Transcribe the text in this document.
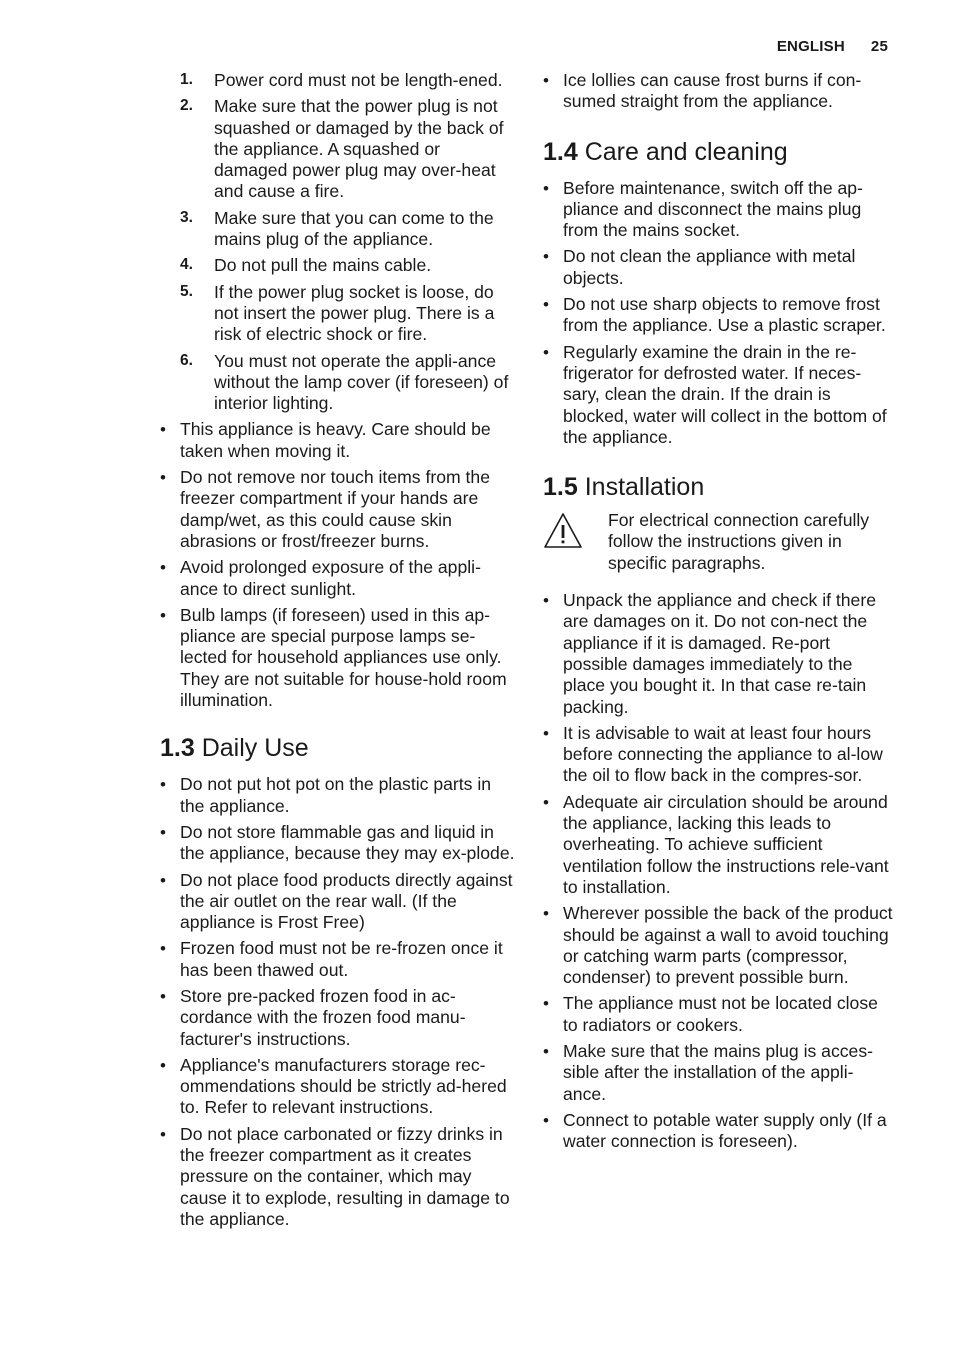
ENGLISH 25
1. Power cord must not be length-ened.
2. Make sure that the power plug is not squashed or damaged by the back of the appliance. A squashed or damaged power plug may over-heat and cause a fire.
3. Make sure that you can come to the mains plug of the appliance.
4. Do not pull the mains cable.
5. If the power plug socket is loose, do not insert the power plug. There is a risk of electric shock or fire.
6. You must not operate the appli-ance without the lamp cover (if foreseen) of interior lighting.
• This appliance is heavy. Care should be taken when moving it.
• Do not remove nor touch items from the freezer compartment if your hands are damp/wet, as this could cause skin abrasions or frost/freezer burns.
• Avoid prolonged exposure of the appli-ance to direct sunlight.
• Bulb lamps (if foreseen) used in this ap-pliance are special purpose lamps se-lected for household appliances use only. They are not suitable for house-hold room illumination.
1.3 Daily Use
• Do not put hot pot on the plastic parts in the appliance.
• Do not store flammable gas and liquid in the appliance, because they may ex-plode.
• Do not place food products directly against the air outlet on the rear wall. (If the appliance is Frost Free)
• Frozen food must not be re-frozen once it has been thawed out.
• Store pre-packed frozen food in ac-cordance with the frozen food manu-facturer's instructions.
• Appliance's manufacturers storage rec-ommendations should be strictly ad-hered to. Refer to relevant instructions.
• Do not place carbonated or fizzy drinks in the freezer compartment as it creates pressure on the container, which may cause it to explode, resulting in damage to the appliance.
• Ice lollies can cause frost burns if con-sumed straight from the appliance.
1.4 Care and cleaning
• Before maintenance, switch off the ap-pliance and disconnect the mains plug from the mains socket.
• Do not clean the appliance with metal objects.
• Do not use sharp objects to remove frost from the appliance. Use a plastic scraper.
• Regularly examine the drain in the re-frigerator for defrosted water. If neces-sary, clean the drain. If the drain is blocked, water will collect in the bottom of the appliance.
1.5 Installation
For electrical connection carefully follow the instructions given in specific paragraphs.
• Unpack the appliance and check if there are damages on it. Do not con-nect the appliance if it is damaged. Re-port possible damages immediately to the place you bought it. In that case re-tain packing.
• It is advisable to wait at least four hours before connecting the appliance to al-low the oil to flow back in the compres-sor.
• Adequate air circulation should be around the appliance, lacking this leads to overheating. To achieve sufficient ventilation follow the instructions rele-vant to installation.
• Wherever possible the back of the product should be against a wall to avoid touching or catching warm parts (compressor, condenser) to prevent possible burn.
• The appliance must not be located close to radiators or cookers.
• Make sure that the mains plug is acces-sible after the installation of the appli-ance.
• Connect to potable water supply only (If a water connection is foreseen).
